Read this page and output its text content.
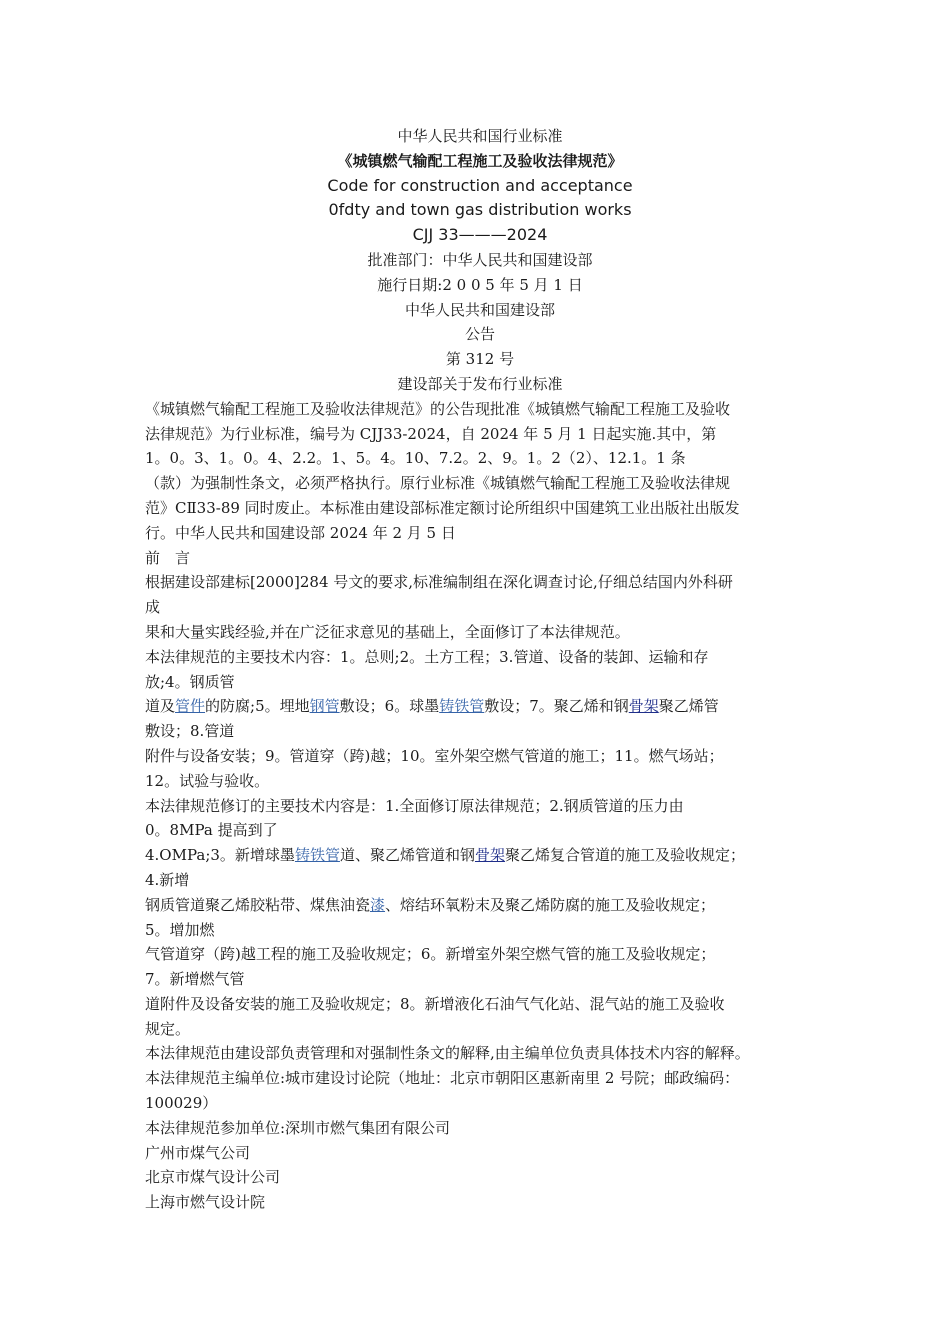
中华人民共和国行业标准
《城镇燃气输配工程施工及验收法律规范》
Code for construction and acceptance
0fdty and town gas distribution works
CJJ 33———2024
批准部门：中华人民共和国建设部
施行日期:2 0 0 5 年 5 月 1 日
中华人民共和国建设部
公告
第 312 号
建设部关于发布行业标准
《城镇燃气输配工程施工及验收法律规范》的公告现批准《城镇燃气输配工程施工及验收
法律规范》为行业标准，编号为 CJJ33-2024，自 2024 年 5 月 1 日起实施.其中，第
1。0。3、1。0。4、2.2。1、5。4。10、7.2。2、9。1。2（2）、12.1。1 条
（款）为强制性条文，必须严格执行。原行业标准《城镇燃气输配工程施工及验收法律规
范》CⅡ33-89 同时废止。本标准由建设部标准定额讨论所组织中国建筑工业出版社出版发
行。中华人民共和国建设部 2024 年 2 月 5 日
前　言
根据建设部建标[2000]284 号文的要求,标准编制组在深化调查讨论,仔细总结国内外科研
成
果和大量实践经验,并在广泛征求意见的基础上，全面修订了本法律规范。
本法律规范的主要技术内容：1。总则;2。土方工程；3.管道、设备的装卸、运输和存
放;4。钢质管
道及管件的防腐;5。埋地钢管敷设；6。球墨铸铁管敷设；7。聚乙烯和钢骨架聚乙烯管
敷设；8.管道
附件与设备安装；9。管道穿（跨)越；10。室外架空燃气管道的施工；11。燃气场站；
12。试验与验收。
本法律规范修订的主要技术内容是：1.全面修订原法律规范；2.钢质管道的压力由
0。8MPa 提高到了
4.OMPa;3。新增球墨铸铁管道、聚乙烯管道和钢骨架聚乙烯复合管道的施工及验收规定；
4.新增
钢质管道聚乙烯胶粘带、煤焦油瓷漆、熔结环氧粉末及聚乙烯防腐的施工及验收规定；
5。增加燃
气管道穿（跨)越工程的施工及验收规定；6。新增室外架空燃气管的施工及验收规定；
7。新增燃气管
道附件及设备安装的施工及验收规定；8。新增液化石油气气化站、混气站的施工及验收
规定。
本法律规范由建设部负责管理和对强制性条文的解释,由主编单位负责具体技术内容的解释。
本法律规范主编单位:城市建设讨论院（地址：北京市朝阳区惠新南里 2 号院；邮政编码：
100029）
本法律规范参加单位:深圳市燃气集团有限公司
广州市煤气公司
北京市煤气设计公司
上海市燃气设计院
